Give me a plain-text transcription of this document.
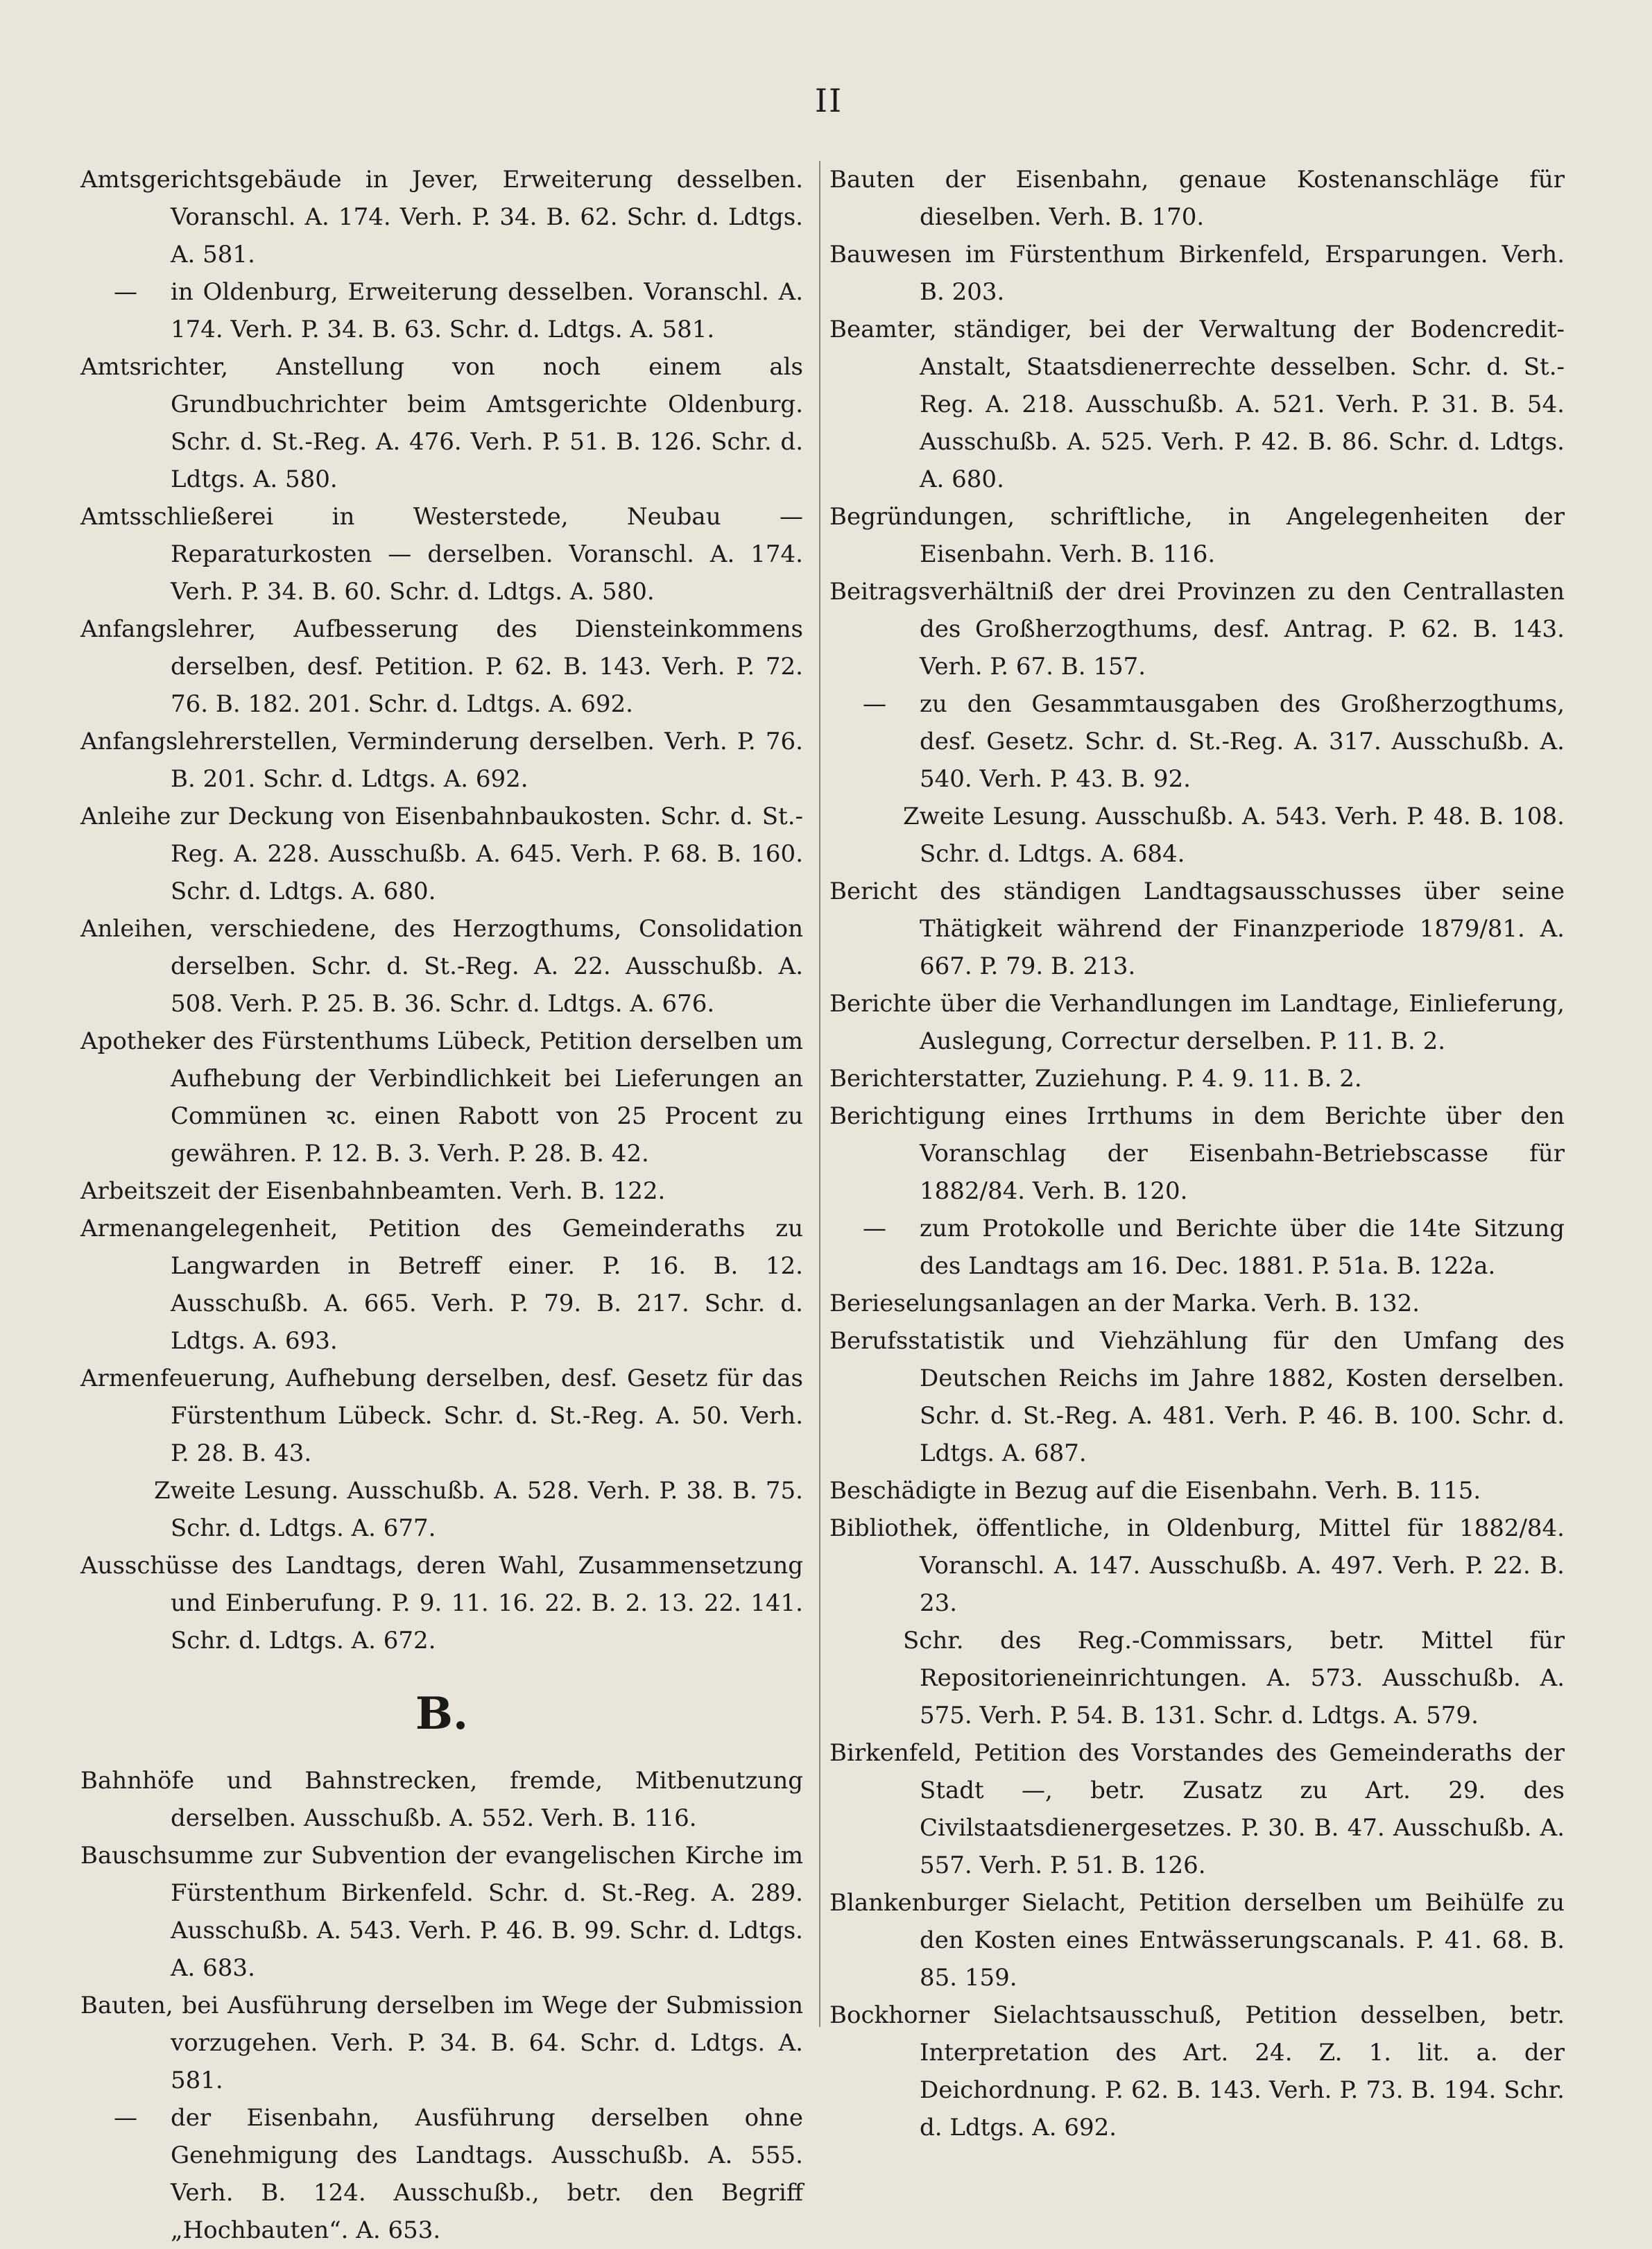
II

Amtsgerichtsgebäude in Jever, Erweiterung desselben. Voranschl. A. 174. Verh. P. 34. B. 62. Schr. d. Ldtgs. A. 581.

— in Oldenburg, Erweiterung desselben. Voranschl. A. 174. Verh. P. 34. B. 63. Schr. d. Ldtgs. A. 581.

Amtsrichter, Anstellung von noch einem als Grundbuchrichter beim Amtsgerichte Oldenburg. Schr. d. St.-Reg. A. 476. Verh. P. 51. B. 126. Schr. d. Ldtgs. A. 580.

Amtsschließerei in Westerstede, Neubau — Reparaturkosten — derselben. Voranschl. A. 174. Verh. P. 34. B. 60. Schr. d. Ldtgs. A. 580.

Anfangslehrer, Aufbesserung des Diensteinkommens derselben, desf. Petition. P. 62. B. 143. Verh. P. 72. 76. B. 182. 201. Schr. d. Ldtgs. A. 692.

Anfangslehrerstellen, Verminderung derselben. Verh. P. 76. B. 201. Schr. d. Ldtgs. A. 692.

Anleihe zur Deckung von Eisenbahnbaukosten. Schr. d. St.-Reg. A. 228. Ausschußb. A. 645. Verh. P. 68. B. 160. Schr. d. Ldtgs. A. 680.

Anleihen, verschiedene, des Herzogthums, Consolidation derselben. Schr. d. St.-Reg. A. 22. Ausschußb. A. 508. Verh. P. 25. B. 36. Schr. d. Ldtgs. A. 676.

Apotheker des Fürstenthums Lübeck, Petition derselben um Aufhebung der Verbindlichkeit bei Lieferungen an Commünen ꝛc. einen Rabott von 25 Procent zu gewähren. P. 12. B. 3. Verh. P. 28. B. 42.

Arbeitszeit der Eisenbahnbeamten. Verh. B. 122.

Armenangelegenheit, Petition des Gemeinderaths zu Langwarden in Betreff einer. P. 16. B. 12. Ausschußb. A. 665. Verh. P. 79. B. 217. Schr. d. Ldtgs. A. 693.

Armenfeuerung, Aufhebung derselben, desf. Gesetz für das Fürstenthum Lübeck. Schr. d. St.-Reg. A. 50. Verh. P. 28. B. 43.

Zweite Lesung. Ausschußb. A. 528. Verh. P. 38. B. 75. Schr. d. Ldtgs. A. 677.

Ausschüsse des Landtags, deren Wahl, Zusammensetzung und Einberufung. P. 9. 11. 16. 22. B. 2. 13. 22. 141. Schr. d. Ldtgs. A. 672.

B.

Bahnhöfe und Bahnstrecken, fremde, Mitbenutzung derselben. Ausschußb. A. 552. Verh. B. 116.

Bauschsumme zur Subvention der evangelischen Kirche im Fürstenthum Birkenfeld. Schr. d. St.-Reg. A. 289. Ausschußb. A. 543. Verh. P. 46. B. 99. Schr. d. Ldtgs. A. 683.

Bauten, bei Ausführung derselben im Wege der Submission vorzugehen. Verh. P. 34. B. 64. Schr. d. Ldtgs. A. 581.

— der Eisenbahn, Ausführung derselben ohne Genehmigung des Landtags. Ausschußb. A. 555. Verh. B. 124. Ausschußb., betr. den Begriff „Hochbauten“. A. 653.

Bauten der Eisenbahn, genaue Kostenanschläge für dieselben. Verh. B. 170.

Bauwesen im Fürstenthum Birkenfeld, Ersparungen. Verh. B. 203.

Beamter, ständiger, bei der Verwaltung der Bodencredit-Anstalt, Staatsdienerrechte desselben. Schr. d. St.-Reg. A. 218. Ausschußb. A. 521. Verh. P. 31. B. 54. Ausschußb. A. 525. Verh. P. 42. B. 86. Schr. d. Ldtgs. A. 680.

Begründungen, schriftliche, in Angelegenheiten der Eisenbahn. Verh. B. 116.

Beitragsverhältniß der drei Provinzen zu den Centrallasten des Großherzogthums, desf. Antrag. P. 62. B. 143. Verh. P. 67. B. 157.

— zu den Gesammtausgaben des Großherzogthums, desf. Gesetz. Schr. d. St.-Reg. A. 317. Ausschußb. A. 540. Verh. P. 43. B. 92.

Zweite Lesung. Ausschußb. A. 543. Verh. P. 48. B. 108. Schr. d. Ldtgs. A. 684.

Bericht des ständigen Landtagsausschusses über seine Thätigkeit während der Finanzperiode 1879/81. A. 667. P. 79. B. 213.

Berichte über die Verhandlungen im Landtage, Einlieferung, Auslegung, Correctur derselben. P. 11. B. 2.

Berichterstatter, Zuziehung. P. 4. 9. 11. B. 2.

Berichtigung eines Irrthums in dem Berichte über den Voranschlag der Eisenbahn-Betriebscasse für 1882/84. Verh. B. 120.

— zum Protokolle und Berichte über die 14te Sitzung des Landtags am 16. Dec. 1881. P. 51a. B. 122a.

Berieselungsanlagen an der Marka. Verh. B. 132.

Berufsstatistik und Viehzählung für den Umfang des Deutschen Reichs im Jahre 1882, Kosten derselben. Schr. d. St.-Reg. A. 481. Verh. P. 46. B. 100. Schr. d. Ldtgs. A. 687.

Beschädigte in Bezug auf die Eisenbahn. Verh. B. 115.

Bibliothek, öffentliche, in Oldenburg, Mittel für 1882/84. Voranschl. A. 147. Ausschußb. A. 497. Verh. P. 22. B. 23.

Schr. des Reg.-Commissars, betr. Mittel für Repositorieneinrichtungen. A. 573. Ausschußb. A. 575. Verh. P. 54. B. 131. Schr. d. Ldtgs. A. 579.

Birkenfeld, Petition des Vorstandes des Gemeinderaths der Stadt —, betr. Zusatz zu Art. 29. des Civilstaatsdienergesetzes. P. 30. B. 47. Ausschußb. A. 557. Verh. P. 51. B. 126.

Blankenburger Sielacht, Petition derselben um Beihülfe zu den Kosten eines Entwässerungscanals. P. 41. 68. B. 85. 159.

Bockhorner Sielachtsausschuß, Petition desselben, betr. Interpretation des Art. 24. Z. 1. lit. a. der Deichordnung. P. 62. B. 143. Verh. P. 73. B. 194. Schr. d. Ldtgs. A. 692.
